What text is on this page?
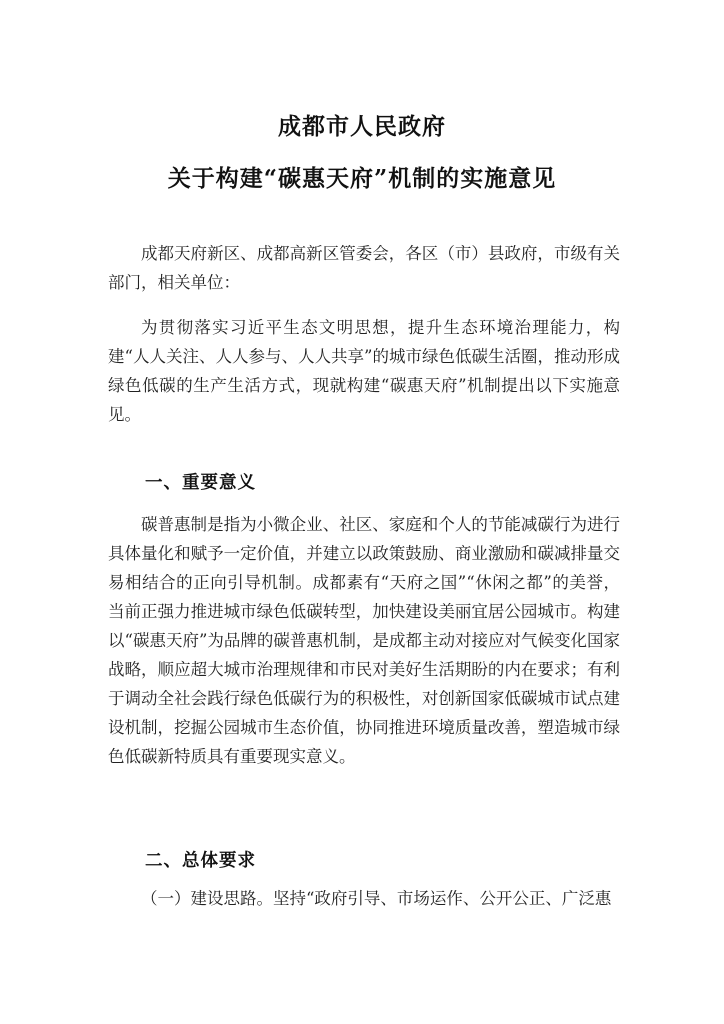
成都市人民政府
关于构建“碳惠天府”机制的实施意见

成都天府新区、成都高新区管委会，各区（市）县政府，市级有关部门，相关单位：

为贯彻落实习近平生态文明思想，提升生态环境治理能力，构建“人人关注、人人参与、人人共享”的城市绿色低碳生活圈，推动形成绿色低碳的生产生活方式，现就构建“碳惠天府”机制提出以下实施意见。

一、重要意义

碳普惠制是指为小微企业、社区、家庭和个人的节能减碳行为进行具体量化和赋予一定价值，并建立以政策鼓励、商业激励和碳减排量交易相结合的正向引导机制。成都素有“天府之国”“休闲之都”的美誉，当前正强力推进城市绿色低碳转型，加快建设美丽宜居公园城市。构建以“碳惠天府”为品牌的碳普惠机制，是成都主动对接应对气候变化国家战略，顺应超大城市治理规律和市民对美好生活期盼的内在要求；有利于调动全社会践行绿色低碳行为的积极性，对创新国家低碳城市试点建设机制，挖掘公园城市生态价值，协同推进环境质量改善，塑造城市绿色低碳新特质具有重要现实意义。

二、总体要求

（一）建设思路。坚持“政府引导、市场运作、公开公正、广泛惠
